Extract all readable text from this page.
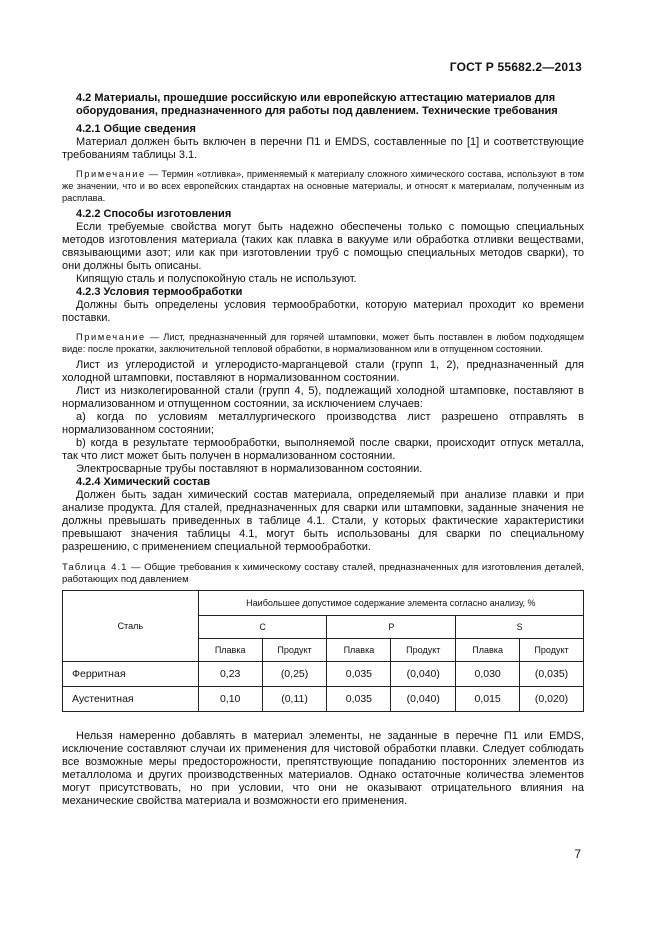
ГОСТ Р 55682.2—2013

4.2 Материалы, прошедшие российскую или европейскую аттестацию материалов для оборудования, предназначенного для работы под давлением. Технические требования

4.2.1 Общие сведения

Материал должен быть включен в перечни П1 и EMDS, составленные по [1] и соответствующие требованиям таблицы 3.1.

Примечание — Термин «отливка», применяемый к материалу сложного химического состава, используют в том же значении, что и во всех европейских стандартах на основные материалы, и относят к материалам, полученным из расплава.

4.2.2 Способы изготовления

Если требуемые свойства могут быть надежно обеспечены только с помощью специальных методов изготовления материала (таких как плавка в вакууме или обработка отливки веществами, связывающими азот; или как при изготовлении труб с помощью специальных методов сварки), то они должны быть описаны.

Кипящую сталь и полуспокойную сталь не используют.

4.2.3 Условия термообработки

Должны быть определены условия термообработки, которую материал проходит ко времени поставки.

Примечание — Лист, предназначенный для горячей штамповки, может быть поставлен в любом подходящем виде: после прокатки, заключительной тепловой обработки, в нормализованном или в отпущенном состоянии.

Лист из углеродистой и углеродисто-марганцевой стали (групп 1, 2), предназначенный для холодной штамповки, поставляют в нормализованном состоянии.

Лист из низколегированной стали (групп 4, 5), подлежащий холодной штамповке, поставляют в нормализованном и отпущенном состоянии, за исключением случаев:

a) когда по условиям металлургического производства лист разрешено отправлять в нормализованном состоянии;

b) когда в результате термообработки, выполняемой после сварки, происходит отпуск металла, так что лист может быть получен в нормализованном состоянии.

Электросварные трубы поставляют в нормализованном состоянии.

4.2.4 Химический состав

Должен быть задан химический состав материала, определяемый при анализе плавки и при анализе продукта. Для сталей, предназначенных для сварки или штамповки, заданные значения не должны превышать приведенных в таблице 4.1. Стали, у которых фактические характеристики превышают значения таблицы 4.1, могут быть использованы для сварки по специальному разрешению, с применением специальной термообработки.

Таблица 4.1 — Общие требования к химическому составу сталей, предназначенных для изготовления деталей, работающих под давлением

Сталь	Наибольшее допустимое содержание элемента согласно анализу, %					
	C		P		S	
	Плавка	Продукт	Плавка	Продукт	Плавка	Продукт
Ферритная	0,23	(0,25)	0,035	(0,040)	0,030	(0,035)
Аустенитная	0,10	(0,11)	0,035	(0,040)	0,015	(0,020)

Нельзя намеренно добавлять в материал элементы, не заданные в перечне П1 или EMDS, исключение составляют случаи их применения для чистовой обработки плавки. Следует соблюдать все возможные меры предосторожности, препятствующие попаданию посторонних элементов из металлолома и других производственных материалов. Однако остаточные количества элементов могут присутствовать, но при условии, что они не оказывают отрицательного влияния на механические свойства материала и возможности его применения.

7
